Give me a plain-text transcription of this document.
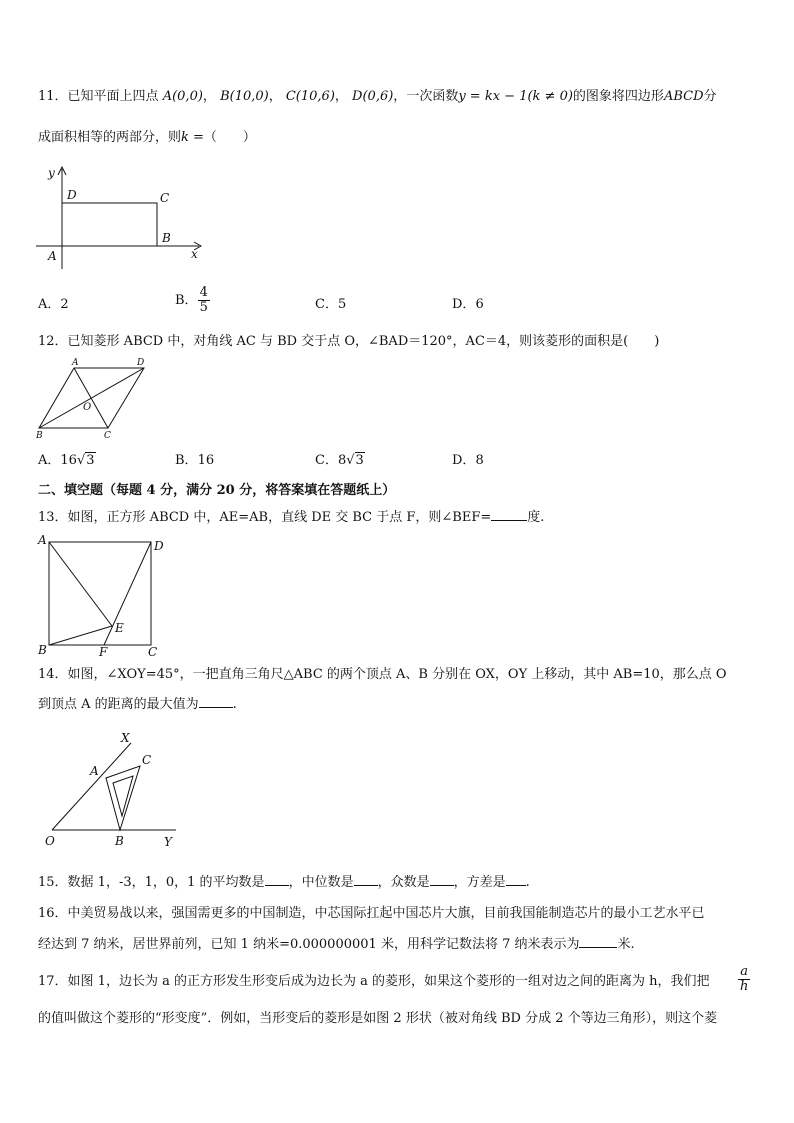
11．已知平面上四点 A(0,0)， B(10,0)， C(10,6)， D(0,6)，一次函数y = kx − 1(k ≠ 0)的图象将四边形ABCD分
成面积相等的两部分，则k =（　　）
y
x
A
B
C
D
A．2	B． $\frac{4}{5}$	C．5	D．6
12．已知菱形 ABCD 中，对角线 AC 与 BD 交于点 O，∠BAD＝120°，AC＝4，则该菱形的面积是(　　)
A	D
O
B	C
A．16√3	B．16	C．8√3	D．8
二、填空题（每题 4 分，满分 20 分，将答案填在答题纸上）
13．如图，正方形 ABCD 中，AE=AB，直线 DE 交 BC 于点 F，则∠BEF=	度.
A	D
E
B	F	C
14．如图，∠XOY=45°，一把直角三角尺△ABC 的两个顶点 A、B 分别在 OX，OY 上移动，其中 AB=10，那么点 O
到顶点 A 的距离的最大值为	.
X
A
C
O	B	Y
15．数据 1，-3，1，0，1 的平均数是 ，中位数是 ，众数是 ，方差是 .
16．中美贸易战以来，强国需更多的中国制造，中芯国际扛起中国芯片大旗，目前我国能制造芯片的最小工艺水平已
经达到 7 纳米，居世界前列，已知 1 纳米=0.000000001 米，用科学记数法将 7 纳米表示为	米.
17．如图 1，边长为 a 的正方形发生形变后成为边长为 a 的菱形，如果这个菱形的一组对边之间的距离为 h，我们把 $\frac{a}{h}$
的值叫做这个菱形的“形变度”．例如，当形变后的菱形是如图 2 形状（被对角线 BD 分成 2 个等边三角形），则这个菱
